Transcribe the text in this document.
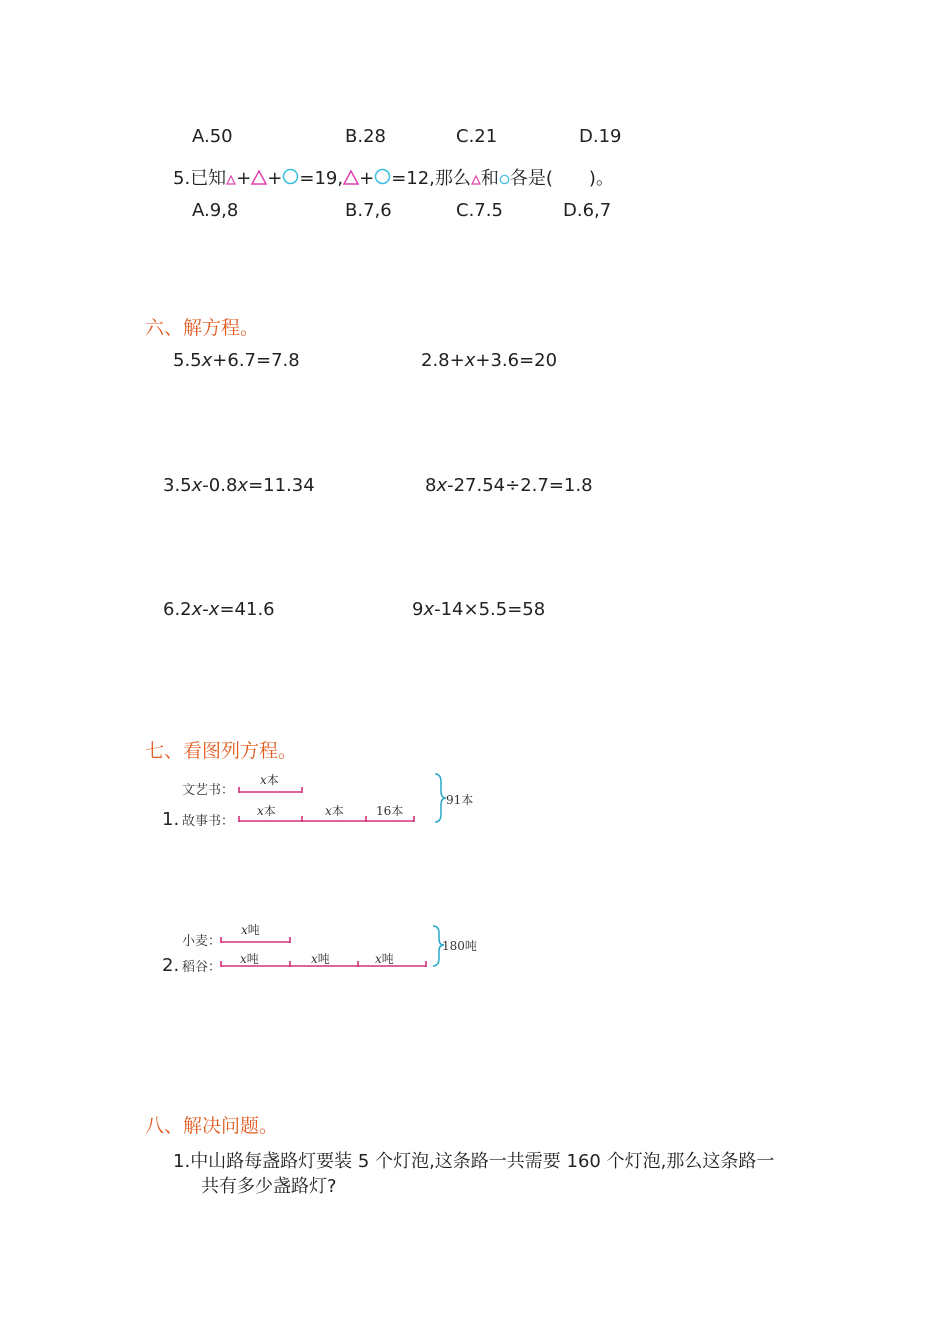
A.50	B.28	C.21	D.19
5.已知 + + =19, + =12,那么 和 各是(　　)。
A.9,8	B.7,6	C.7.5	D.6,7
六、解方程。
5.5x+6.7=7.8	2.8+x+3.6=20
3.5x-0.8x=11.34	8x-27.54÷2.7=1.8
6.2x-x=41.6	9x-14×5.5=58
七、看图列方程。
文艺书：
1. 故事书：
x本
x本	x本	16本
91本
小麦：
2. 稻谷：
x吨
x吨	x吨	x吨
180吨
八、解决问题。
1.中山路每盏路灯要装 5 个灯泡,这条路一共需要 160 个灯泡,那么这条路一
共有多少盏路灯?
